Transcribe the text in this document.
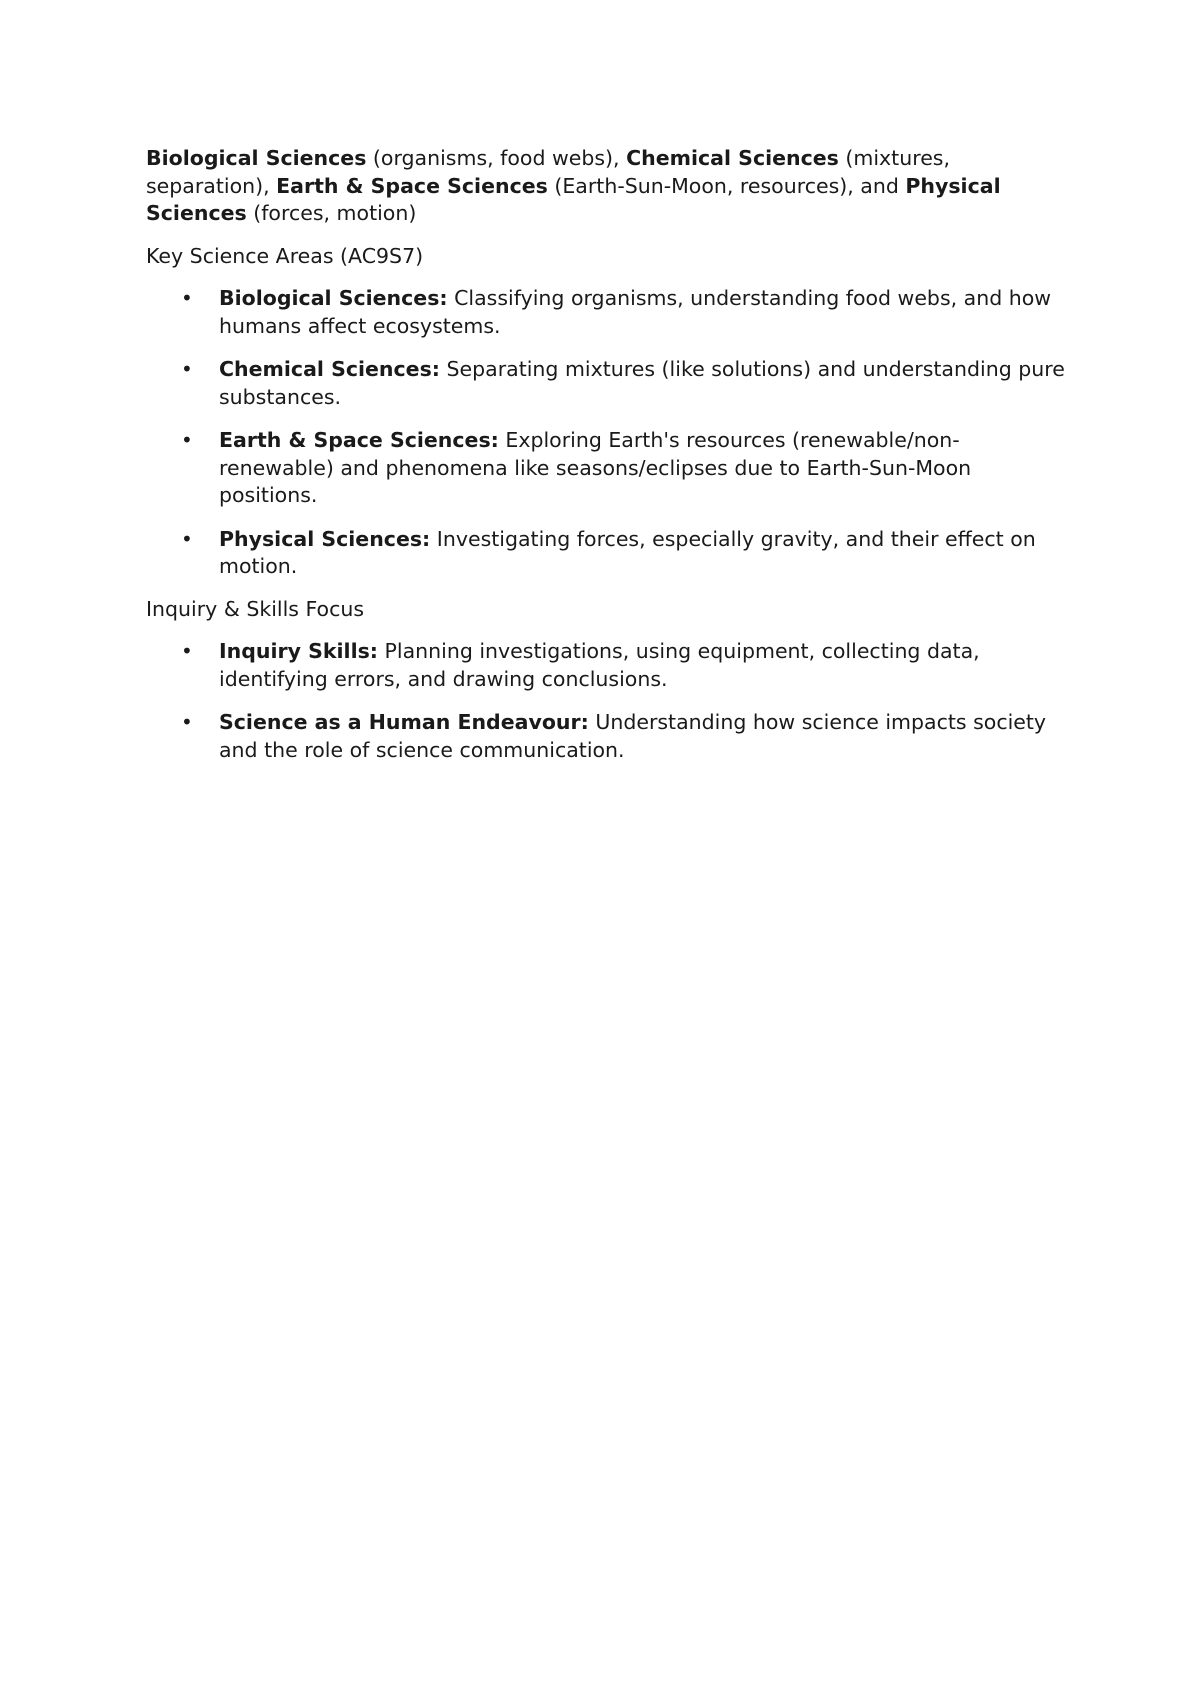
Biological Sciences (organisms, food webs), Chemical Sciences (mixtures, separation), Earth & Space Sciences (Earth-Sun-Moon, resources), and Physical Sciences (forces, motion)

Key Science Areas (AC9S7)
• Biological Sciences: Classifying organisms, understanding food webs, and how humans affect ecosystems.
• Chemical Sciences: Separating mixtures (like solutions) and understanding pure substances.
• Earth & Space Sciences: Exploring Earth's resources (renewable/non-renewable) and phenomena like seasons/eclipses due to Earth-Sun-Moon positions.
• Physical Sciences: Investigating forces, especially gravity, and their effect on motion.
Inquiry & Skills Focus
• Inquiry Skills: Planning investigations, using equipment, collecting data, identifying errors, and drawing conclusions.
• Science as a Human Endeavour: Understanding how science impacts society and the role of science communication.
